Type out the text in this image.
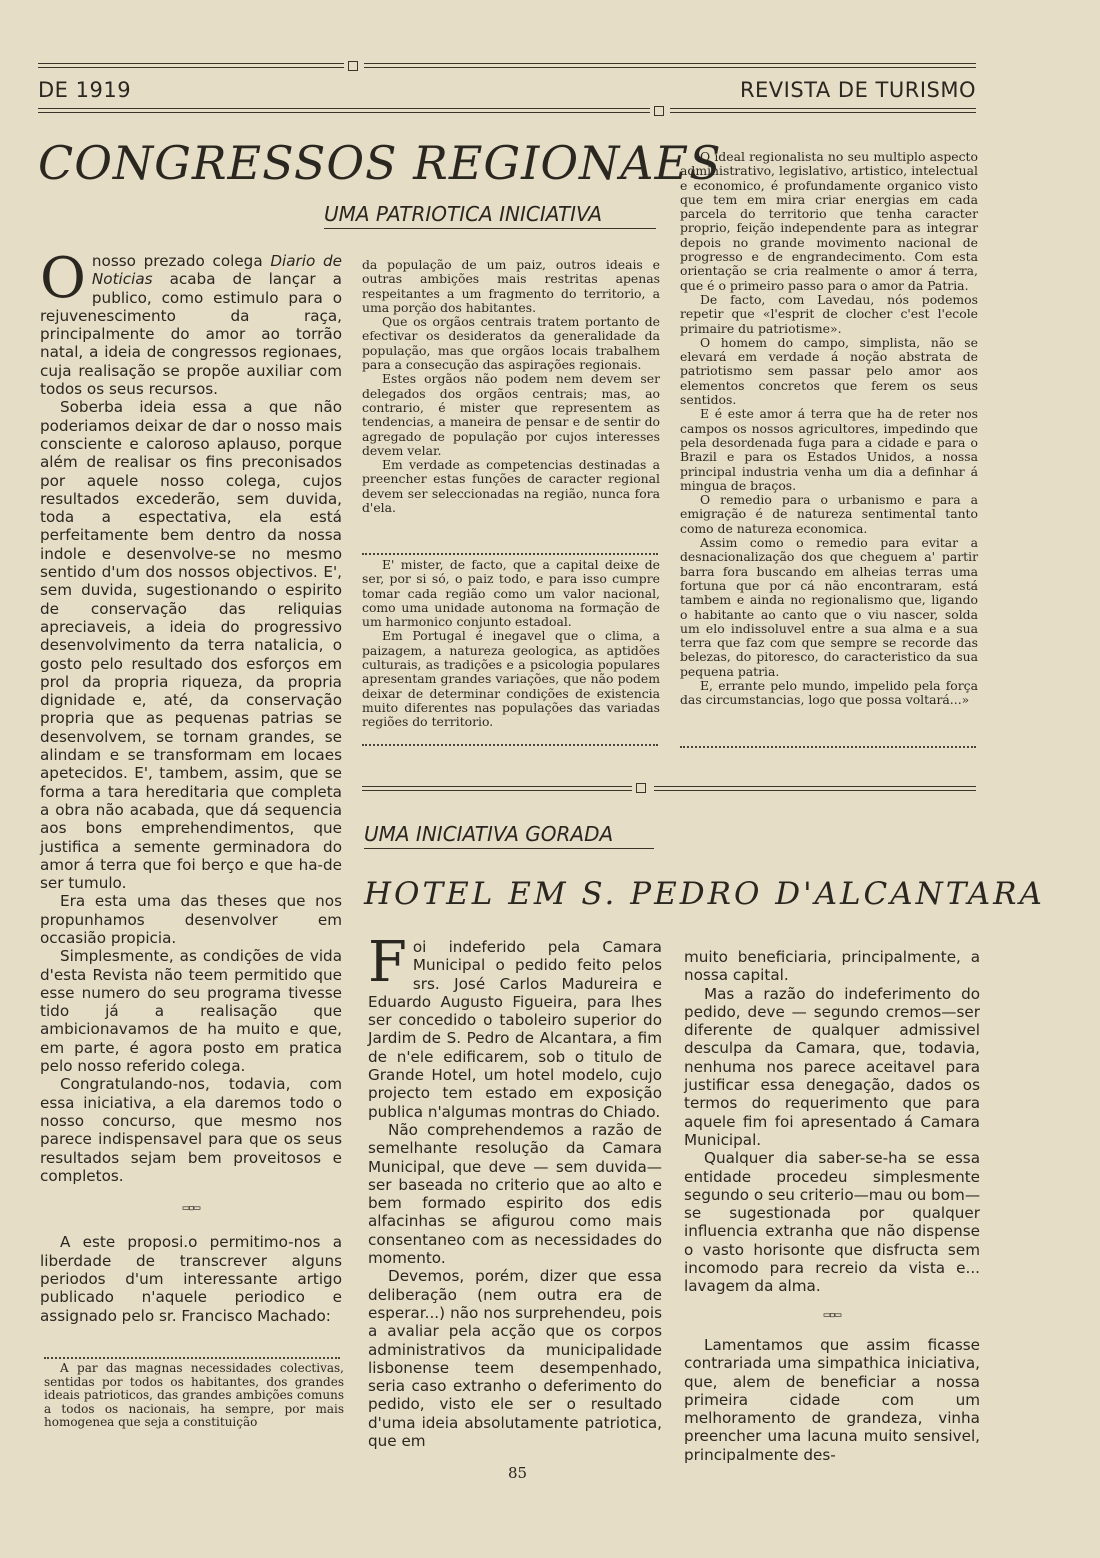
DE 1919	REVISTA DE TURISMO
CONGRESSOS REGIONAES
UMA PATRIOTICA INICIATIVA

O nosso prezado colega Diario de Noticias acaba de lançar a publico, como estimulo para o rejuvenescimento da raça, principalmente do amor ao torrão natal, a ideia de congressos regionaes, cuja realisação se propõe auxiliar com todos os seus recursos.

Soberba ideia essa a que não poderiamos deixar de dar o nosso mais consciente e caloroso aplauso, porque além de realisar os fins preconisados por aquele nosso colega, cujos resultados excederão, sem duvida, toda a espectativa, ela está perfeitamente bem dentro da nossa indole e desenvolve-se no mesmo sentido d'um dos nossos objectivos. E', sem duvida, sugestionando o espirito de conservação das reliquias apreciaveis, a ideia do progressivo desenvolvimento da terra natalicia, o gosto pelo resultado dos esforços em prol da propria riqueza, da propria dignidade e, até, da conservação propria que as pequenas patrias se desenvolvem, se tornam grandes, se alindam e se transformam em locaes apetecidos. E', tambem, assim, que se forma a tara hereditaria que completa a obra não acabada, que dá sequencia aos bons emprehendimentos, que justifica a semente germinadora do amor á terra que foi berço e que ha-de ser tumulo.

Era esta uma das theses que nos propunhamos desenvolver em occasião propicia.

Simplesmente, as condições de vida d'esta Revista não teem permitido que esse numero do seu programa tivesse tido já a realisação que ambicionavamos de ha muito e que, em parte, é agora posto em pratica pelo nosso referido colega.

Congratulando-nos, todavia, com essa iniciativa, a ela daremos todo o nosso concurso, que mesmo nos parece indispensavel para que os seus resultados sejam bem proveitosos e completos.

▭▫▭

A este proposi.o permitimo-nos a liberdade de transcrever alguns periodos d'um interessante artigo publicado n'aquele periodico e assignado pelo sr. Francisco Machado:

A par das magnas necessidades colectivas, sentidas por todos os habitantes, dos grandes ideais patrioticos, das grandes ambições comuns a todos os nacionais, ha sempre, por mais homogenea que seja a constituição

da população de um paiz, outros ideais e outras ambições mais restritas apenas respeitantes a um fragmento do territorio, a uma porção dos habitantes.

Que os orgãos centrais tratem portanto de efectivar os desideratos da generalidade da população, mas que orgãos locais trabalhem para a consecução das aspirações regionais.

Estes orgãos não podem nem devem ser delegados dos orgãos centrais; mas, ao contrario, é mister que representem as tendencias, a maneira de pensar e de sentir do agregado de população por cujos interesses devem velar.

Em verdade as competencias destinadas a preencher estas funções de caracter regional devem ser seleccionadas na região, nunca fora d'ela.

E' mister, de facto, que a capital deixe de ser, por si só, o paiz todo, e para isso cumpre tomar cada região como um valor nacional, como uma unidade autonoma na formação de um harmonico conjunto estadoal.

Em Portugal é inegavel que o clima, a paizagem, a natureza geologica, as aptidões culturais, as tradições e a psicologia populares apresentam grandes variações, que não podem deixar de determinar condições de existencia muito diferentes nas populações das variadas regiões do territorio.

O ideal regionalista no seu multiplo aspecto administrativo, legislativo, artistico, intelectual e economico, é profundamente organico visto que tem em mira criar energias em cada parcela do territorio que tenha caracter proprio, feição independente para as integrar depois no grande movimento nacional de progresso e de engrandecimento. Com esta orientação se cria realmente o amor á terra, que é o primeiro passo para o amor da Patria.

De facto, com Lavedau, nós podemos repetir que «l'esprit de clocher c'est l'ecole primaire du patriotisme».

O homem do campo, simplista, não se elevará em verdade á noção abstrata de patriotismo sem passar pelo amor aos elementos concretos que ferem os seus sentidos.

E é este amor á terra que ha de reter nos campos os nossos agricultores, impedindo que pela desordenada fuga para a cidade e para o Brazil e para os Estados Unidos, a nossa principal industria venha um dia a definhar á mingua de braços.

O remedio para o urbanismo e para a emigração é de natureza sentimental tanto como de natureza economica.

Assim como o remedio para evitar a desnacionalização dos que cheguem a' partir barra fora buscando em alheias terras uma fortuna que por cá não encontraram, está tambem e ainda no regionalismo que, ligando o habitante ao canto que o viu nascer, solda um elo indissoluvel entre a sua alma e a sua terra que faz com que sempre se recorde das belezas, do pitoresco, do caracteristico da sua pequena patria.

E, errante pelo mundo, impelido pela força das circumstancias, logo que possa voltará...»

UMA INICIATIVA GORADA
HOTEL EM S. PEDRO D'ALCANTARA

Foi indeferido pela Camara Municipal o pedido feito pelos srs. José Carlos Madureira e Eduardo Augusto Figueira, para lhes ser concedido o taboleiro superior do Jardim de S. Pedro de Alcantara, a fim de n'ele edificarem, sob o titulo de Grande Hotel, um hotel modelo, cujo projecto tem estado em exposição publica n'algumas montras do Chiado.

Não comprehendemos a razão de semelhante resolução da Camara Municipal, que deve — sem duvida—ser baseada no criterio que ao alto e bem formado espirito dos edis alfacinhas se afigurou como mais consentaneo com as necessidades do momento.

Devemos, porém, dizer que essa deliberação (nem outra era de esperar...) não nos surprehendeu, pois a avaliar pela acção que os corpos administrativos da municipalidade lisbonense teem desempenhado, seria caso extranho o deferimento do pedido, visto ele ser o resultado d'uma ideia absolutamente patriotica, que em

muito beneficiaria, principalmente, a nossa capital.

Mas a razão do indeferimento do pedido, deve — segundo cremos—ser diferente de qualquer admissivel desculpa da Camara, que, todavia, nenhuma nos parece aceitavel para justificar essa denegação, dados os termos do requerimento que para aquele fim foi apresentado á Camara Municipal.

Qualquer dia saber-se-ha se essa entidade procedeu simplesmente segundo o seu criterio—mau ou bom—se sugestionada por qualquer influencia extranha que não dispense o vasto horisonte que disfructa sem incomodo para recreio da vista e... lavagem da alma.

▭▫▭

Lamentamos que assim ficasse contrariada uma simpathica iniciativa, que, alem de beneficiar a nossa primeira cidade com um melhoramento de grandeza, vinha preencher uma lacuna muito sensivel, principalmente des-

85
